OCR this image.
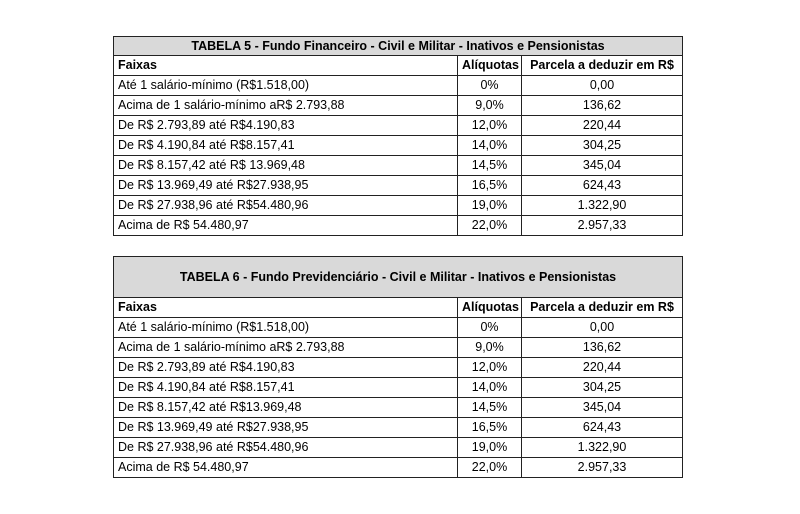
TABELA 5 - Fundo Financeiro - Civil e Militar - Inativos e Pensionistas		
Faixas	Alíquotas	Parcela a deduzir em R$
Até 1 salário-mínimo (R$1.518,00)	0%	0,00
Acima de 1 salário-mínimo aR$ 2.793,88	9,0%	136,62
De R$ 2.793,89 até R$4.190,83	12,0%	220,44
De R$ 4.190,84 até R$8.157,41	14,0%	304,25
De R$ 8.157,42 até R$ 13.969,48	14,5%	345,04
De R$ 13.969,49 até R$27.938,95	16,5%	624,43
De R$ 27.938,96 até R$54.480,96	19,0%	1.322,90
Acima de R$ 54.480,97	22,0%	2.957,33
TABELA 6 - Fundo Previdenciário - Civil e Militar - Inativos e Pensionistas		
Faixas	Alíquotas	Parcela a deduzir em R$
Até 1 salário-mínimo (R$1.518,00)	0%	0,00
Acima de 1 salário-mínimo aR$ 2.793,88	9,0%	136,62
De R$ 2.793,89 até R$4.190,83	12,0%	220,44
De R$ 4.190,84 até R$8.157,41	14,0%	304,25
De R$ 8.157,42 até R$13.969,48	14,5%	345,04
De R$ 13.969,49 até R$27.938,95	16,5%	624,43
De R$ 27.938,96 até R$54.480,96	19,0%	1.322,90
Acima de R$ 54.480,97	22,0%	2.957,33
